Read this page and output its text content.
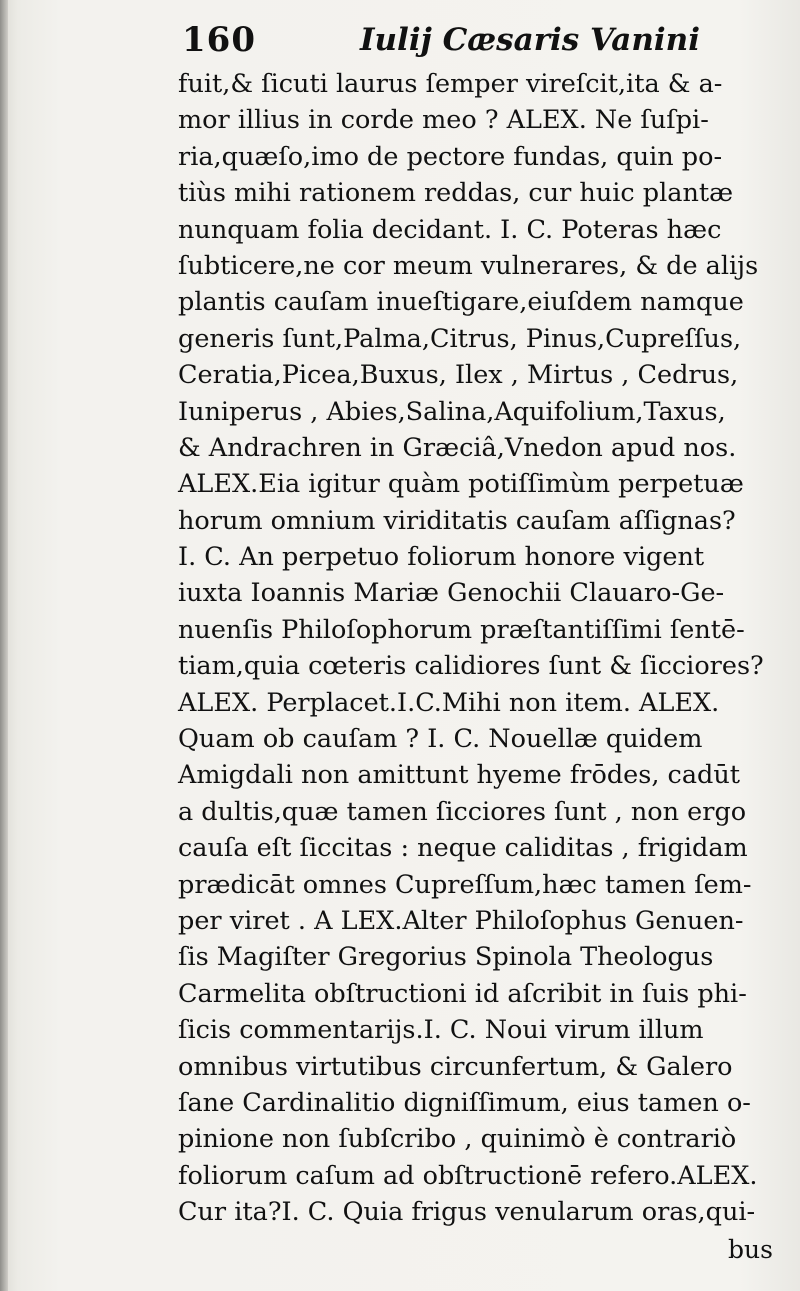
160	Iulij Cæsaris Vanini
fuit,& ſicuti laurus ſemper vireſcit,ita & a-
mor illius in corde meo ? ALEX. Ne ſuſpi-
ria,quæſo,imo de pectore fundas, quin po-
tiùs mihi rationem reddas, cur huic plantæ
nunquam folia decidant. I. C. Poteras hæc
ſubticere,ne cor meum vulnerares, & de alijs
plantis cauſam inueſtigare,eiuſdem namque
generis ſunt,Palma,Citrus, Pinus,Cupreſſus,
Ceratia,Picea,Buxus, Ilex , Mirtus , Cedrus,
Iuniperus , Abies,Salina,Aquifolium,Taxus,
& Andrachren in Græciâ,Vnedon apud nos.
ALEX.Eia igitur quàm potiſſimùm perpetuæ
horum omnium viriditatis cauſam aſſignas?
I. C. An perpetuo foliorum honore vigent
iuxta Ioannis Mariæ Genochii Clauaro-Ge-
nuenſis Philoſophorum præſtantiſſimi ſentē-
tiam,quia cœteris calidiores ſunt & ſicciores?
ALEX. Perplacet.I.C.Mihi non item. ALEX.
Quam ob cauſam ? I. C. Nouellæ quidem
Amigdali non amittunt hyeme frōdes, cadūt
a dultis,quæ tamen ſicciores ſunt , non ergo
cauſa eſt ſiccitas : neque caliditas , frigidam
prædicāt omnes Cupreſſum,hæc tamen ſem-
per viret . A LEX.Alter Philoſophus Genuen-
ſis Magiſter Gregorius Spinola Theologus
Carmelita obſtructioni id aſcribit in ſuis phi-
ſicis commentarijs.I. C. Noui virum illum
omnibus virtutibus circunfertum, & Galero
ſane Cardinalitio digniſſimum, eius tamen o-
pinione non ſubſcribo , quinimò è contrariò
foliorum caſum ad obſtructionē refero.ALEX.
Cur ita?I. C. Quia frigus venularum oras,qui-
bus
